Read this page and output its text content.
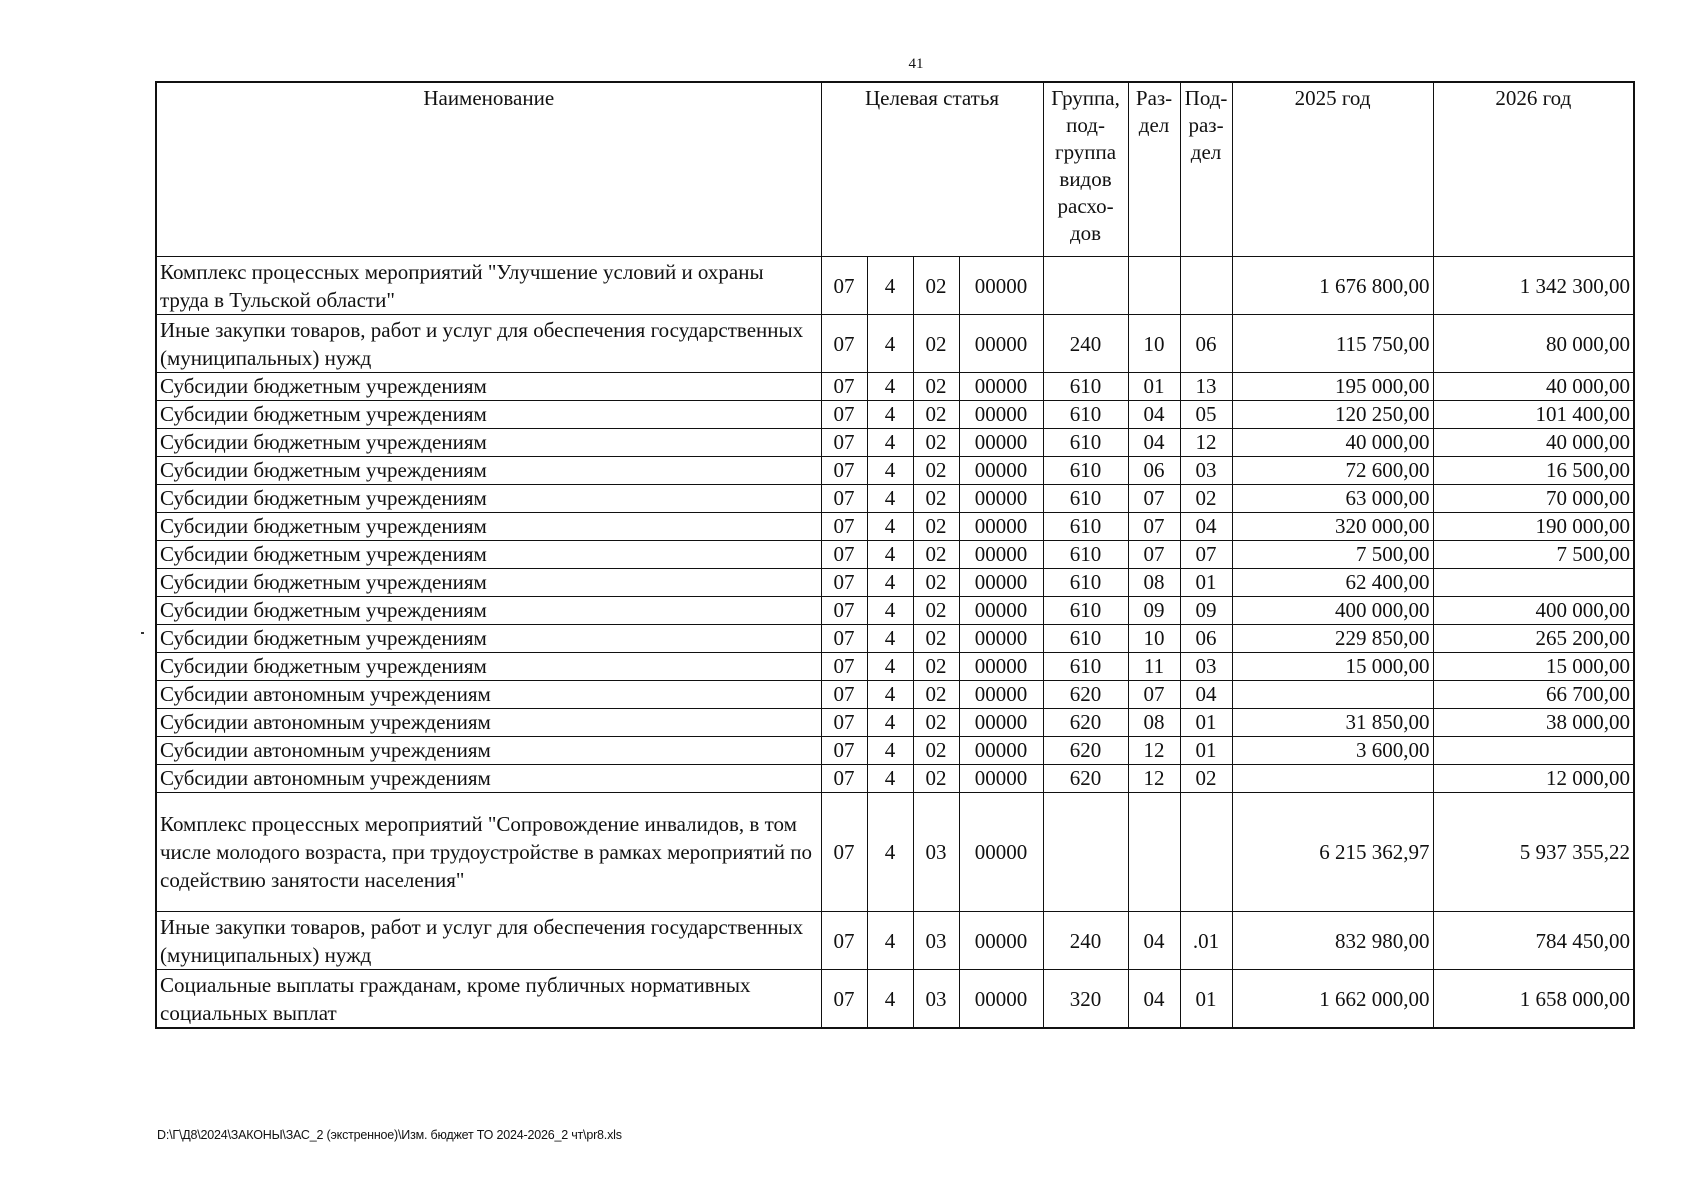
41
Наименование	Целевая статья				Группа, под- группа видов расхо- дов	Раз- дел	Под- раз- дел	2025 год	2026 год
Комплекс процессных мероприятий "Улучшение условий и охраны труда в Тульской области"	07	4	02	00000				1 676 800,00	1 342 300,00
Иные закупки товаров, работ и услуг для обеспечения государственных (муниципальных) нужд	07	4	02	00000	240	10	06	115 750,00	80 000,00
Субсидии бюджетным учреждениям	07	4	02	00000	610	01	13	195 000,00	40 000,00
Субсидии бюджетным учреждениям	07	4	02	00000	610	04	05	120 250,00	101 400,00
Субсидии бюджетным учреждениям	07	4	02	00000	610	04	12	40 000,00	40 000,00
Субсидии бюджетным учреждениям	07	4	02	00000	610	06	03	72 600,00	16 500,00
Субсидии бюджетным учреждениям	07	4	02	00000	610	07	02	63 000,00	70 000,00
Субсидии бюджетным учреждениям	07	4	02	00000	610	07	04	320 000,00	190 000,00
Субсидии бюджетным учреждениям	07	4	02	00000	610	07	07	7 500,00	7 500,00
Субсидии бюджетным учреждениям	07	4	02	00000	610	08	01	62 400,00	
Субсидии бюджетным учреждениям	07	4	02	00000	610	09	09	400 000,00	400 000,00
Субсидии бюджетным учреждениям	07	4	02	00000	610	10	06	229 850,00	265 200,00
Субсидии бюджетным учреждениям	07	4	02	00000	610	11	03	15 000,00	15 000,00
Субсидии автономным учреждениям	07	4	02	00000	620	07	04		66 700,00
Субсидии автономным учреждениям	07	4	02	00000	620	08	01	31 850,00	38 000,00
Субсидии автономным учреждениям	07	4	02	00000	620	12	01	3 600,00	
Субсидии автономным учреждениям	07	4	02	00000	620	12	02		12 000,00
Комплекс процессных мероприятий "Сопровождение инвалидов, в том числе молодого возраста, при трудоустройстве в рамках мероприятий по содействию занятости населения"	07	4	03	00000				6 215 362,97	5 937 355,22
Иные закупки товаров, работ и услуг для обеспечения государственных (муниципальных) нужд	07	4	03	00000	240	04	.01	832 980,00	784 450,00
Социальные выплаты гражданам, кроме публичных нормативных социальных выплат	07	4	03	00000	320	04	01	1 662 000,00	1 658 000,00
D:\Г\Д8\2024\ЗАКОНЫ\ЗАС_2 (экстренное)\Изм. бюджет ТО 2024-2026_2 чт\pr8.xls
